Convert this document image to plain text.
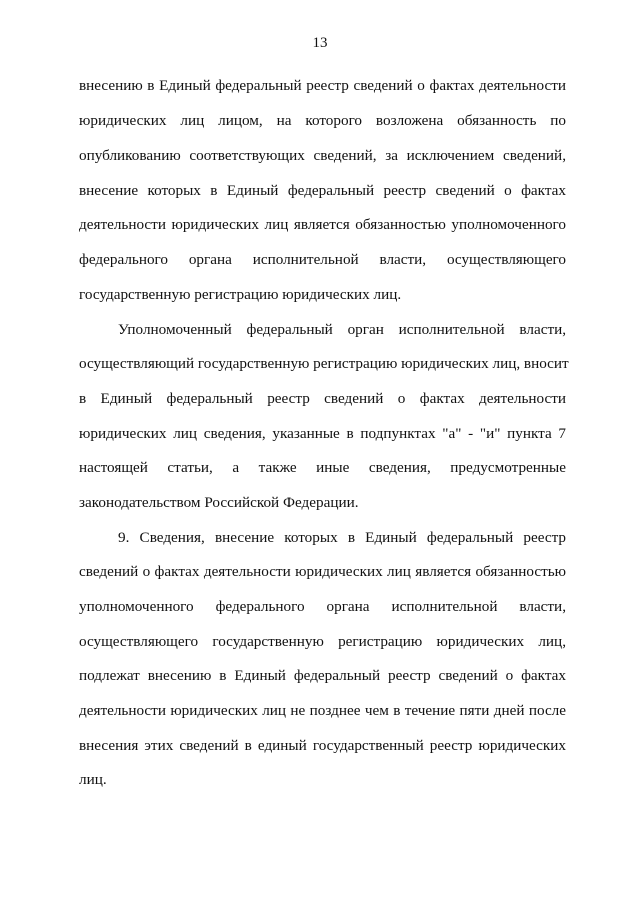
13
внесению в Единый федеральный реестр сведений о фактах деятельности
юридических лиц лицом, на которого возложена обязанность по
опубликованию соответствующих сведений, за исключением сведений,
внесение которых в Единый федеральный реестр сведений о фактах
деятельности юридических лиц является обязанностью уполномоченного
федерального органа исполнительной власти, осуществляющего
государственную регистрацию юридических лиц.
Уполномоченный федеральный орган исполнительной власти,
осуществляющий государственную регистрацию юридических лиц, вносит
в Единый федеральный реестр сведений о фактах деятельности
юридических лиц сведения, указанные в подпунктах "а" - "и" пункта 7
настоящей статьи, а также иные сведения, предусмотренные
законодательством Российской Федерации.
9. Сведения, внесение которых в Единый федеральный реестр
сведений о фактах деятельности юридических лиц является обязанностью
уполномоченного федерального органа исполнительной власти,
осуществляющего государственную регистрацию юридических лиц,
подлежат внесению в Единый федеральный реестр сведений о фактах
деятельности юридических лиц не позднее чем в течение пяти дней после
внесения этих сведений в единый государственный реестр юридических
лиц.
